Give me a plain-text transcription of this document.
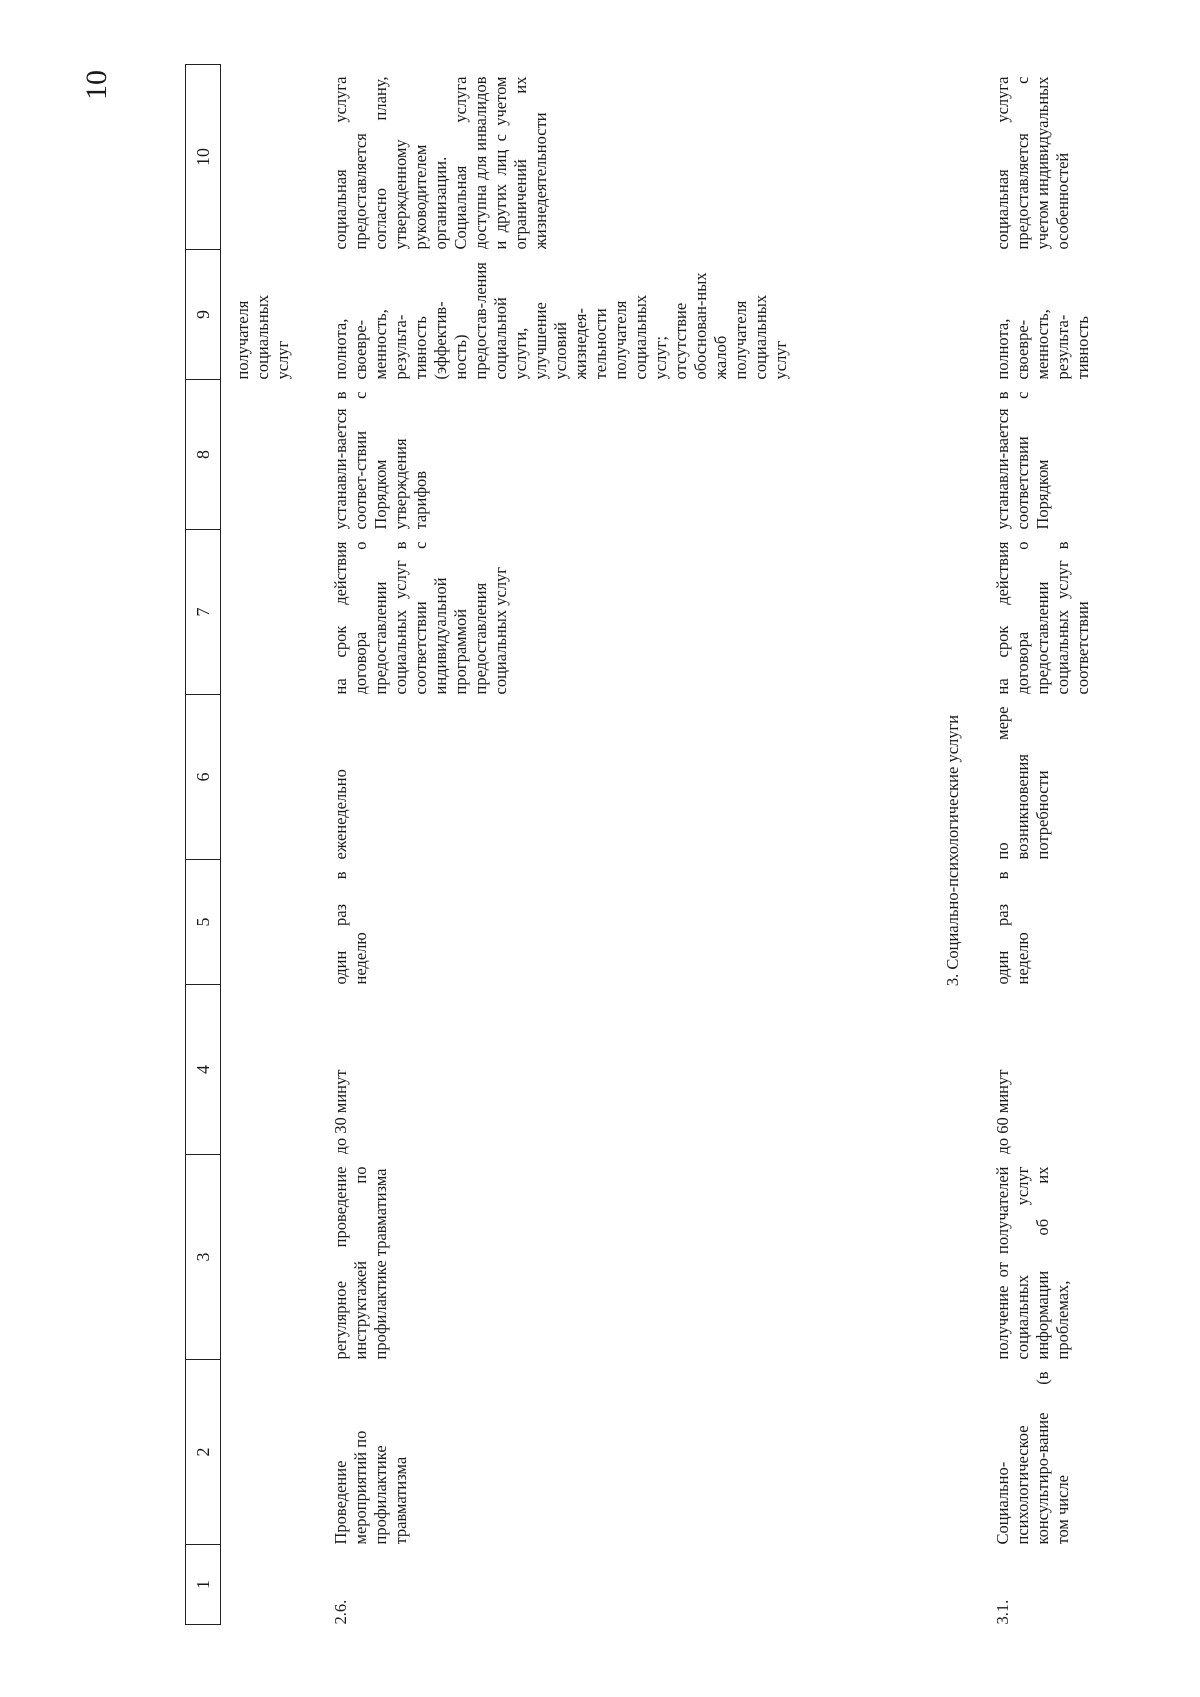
10
1	2	3	4	5	6	7	8	9	10
								получателя социальных услуг	
2.6.	Проведение мероприятий по профилактике травматизма	регулярное проведение инструктажей по профилактике травматизма	до 30 минут	один раз в неделю	еженедельно	на срок действия договора о предоставлении социальных услуг в соответствии с индивидуальной программой предоставления социальных услуг	устанавли-вается в соответ-ствии с Порядком утверждения тарифов	полнота, своевре-менность, результа-тивность (эффектив-ность) предостав-ления социальной услуги, улучшение условий жизнедея-тельности получателя социальных услуг; отсутствие обоснован-ных жалоб получателя социальных услуг	социальная услуга предоставляется согласно плану, утвержденному руководителем организации. Социальная услуга доступна для инвалидов и других лиц с учетом ограничений их жизнедеятельности
3. Социально-психологические услуги									
3.1.	Социально-психологическое консультиро-вание (в том числе	получение от получателей социальных услуг информации об их проблемах,	до 60 минут	один раз в неделю	по мере возникновения потребности	на срок действия договора о предоставлении социальных услуг в соответствии	устанавли-вается в соответствии с Порядком	полнота, своевре-менность, результа-тивность	социальная услуга предоставляется с учетом индивидуальных особенностей
